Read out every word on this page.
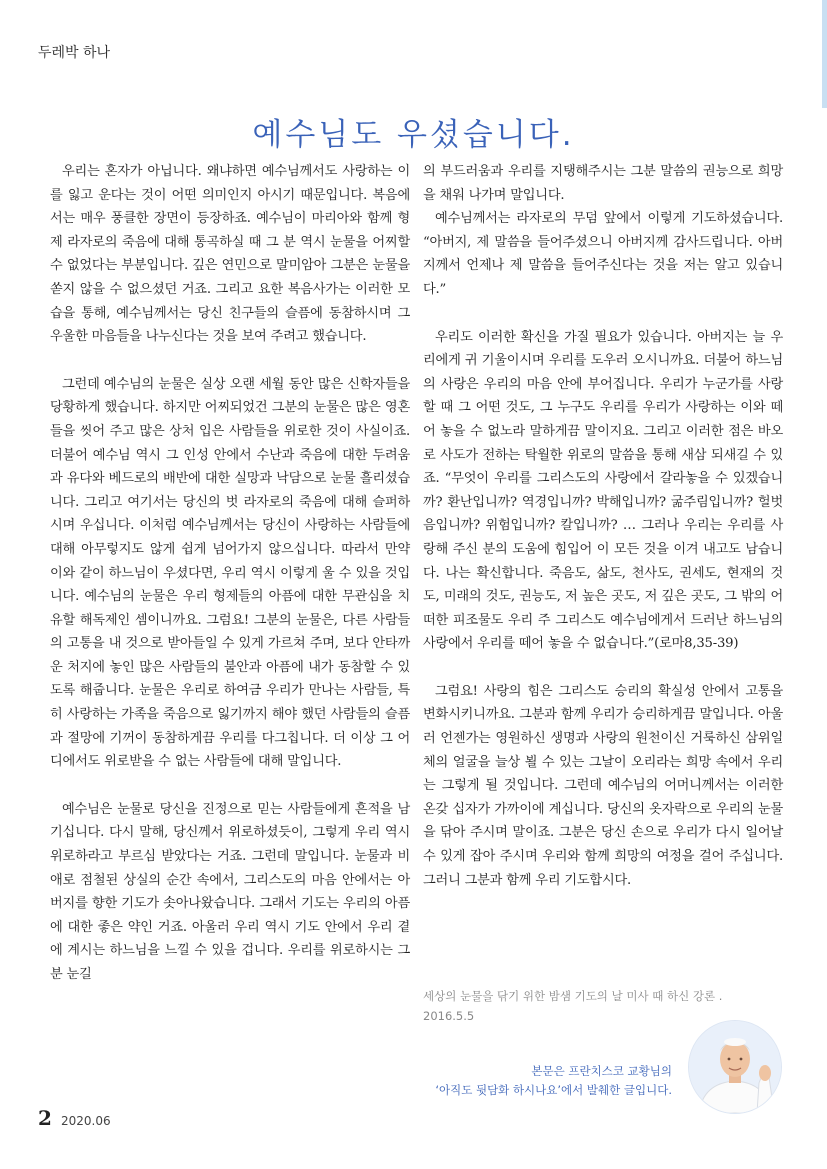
두레박 하나
예수님도 우셨습니다.

우리는 혼자가 아닙니다. 왜냐하면 예수님께서도 사랑하는 이를 잃고 운다는 것이 어떤 의미인지 아시기 때문입니다. 복음에서는 매우 풍클한 장면이 등장하죠. 예수님이 마리아와 함께 형제 라자로의 죽음에 대해 통곡하실 때 그 분 역시 눈물을 어찌할 수 없었다는 부분입니다. 깊은 연민으로 말미암아 그분은 눈물을 쏟지 않을 수 없으셨던 거죠. 그리고 요한 복음사가는 이러한 모습을 통해, 예수님께서는 당신 친구들의 슬픔에 동참하시며 그 우울한 마음들을 나누신다는 것을 보여 주려고 했습니다.

그런데 예수님의 눈물은 실상 오랜 세월 동안 많은 신학자들을 당황하게 했습니다. 하지만 어찌되었건 그분의 눈물은 많은 영혼들을 씻어 주고 많은 상처 입은 사람들을 위로한 것이 사실이죠. 더불어 예수님 역시 그 인성 안에서 수난과 죽음에 대한 두려움과 유다와 베드로의 배반에 대한 실망과 낙담으로 눈물 흘리셨습니다. 그리고 여기서는 당신의 벗 라자로의 죽음에 대해 슬퍼하시며 우십니다. 이처럼 예수님께서는 당신이 사랑하는 사람들에 대해 아무렇지도 않게 쉽게 넘어가지 않으십니다. 따라서 만약 이와 같이 하느님이 우셨다면, 우리 역시 이렇게 울 수 있을 것입니다. 예수님의 눈물은 우리 형제들의 아픔에 대한 무관심을 치유할 해독제인 셈이니까요. 그럼요! 그분의 눈물은, 다른 사람들의 고통을 내 것으로 받아들일 수 있게 가르쳐 주며, 보다 안타까운 처지에 놓인 많은 사람들의 불안과 아픔에 내가 동참할 수 있도록 해줍니다. 눈물은 우리로 하여금 우리가 만나는 사람들, 특히 사랑하는 가족을 죽음으로 잃기까지 해야 했던 사람들의 슬픔과 절망에 기꺼이 동참하게끔 우리를 다그칩니다. 더 이상 그 어디에서도 위로받을 수 없는 사람들에 대해 말입니다.

예수님은 눈물로 당신을 진정으로 믿는 사람들에게 흔적을 남기십니다. 다시 말해, 당신께서 위로하셨듯이, 그렇게 우리 역시 위로하라고 부르심 받았다는 거죠. 그런데 말입니다. 눈물과 비애로 점철된 상실의 순간 속에서, 그리스도의 마음 안에서는 아버지를 향한 기도가 솟아나왔습니다. 그래서 기도는 우리의 아픔에 대한 좋은 약인 거죠. 아울러 우리 역시 기도 안에서 우리 곁에 계시는 하느님을 느낄 수 있을 겁니다. 우리를 위로하시는 그분 눈길

의 부드러움과 우리를 지탱해주시는 그분 말씀의 권능으로 희망을 채워 나가며 말입니다.

예수님께서는 라자로의 무덤 앞에서 이렇게 기도하셨습니다. “아버지, 제 말씀을 들어주셨으니 아버지께 감사드립니다. 아버지께서 언제나 제 말씀을 들어주신다는 것을 저는 알고 있습니다.”

우리도 이러한 확신을 가질 필요가 있습니다. 아버지는 늘 우리에게 귀 기울이시며 우리를 도우러 오시니까요. 더불어 하느님의 사랑은 우리의 마음 안에 부어집니다. 우리가 누군가를 사랑할 때 그 어떤 것도, 그 누구도 우리를 우리가 사랑하는 이와 떼어 놓을 수 없노라 말하게끔 말이지요. 그리고 이러한 점은 바오로 사도가 전하는 탁월한 위로의 말씀을 통해 새삼 되새길 수 있죠. “무엇이 우리를 그리스도의 사랑에서 갈라놓을 수 있겠습니까? 환난입니까? 역경입니까? 박해입니까? 굶주림입니까? 헐벗음입니까? 위험입니까? 칼입니까? … 그러나 우리는 우리를 사랑해 주신 분의 도움에 힘입어 이 모든 것을 이겨 내고도 남습니다. 나는 확신합니다. 죽음도, 삶도, 천사도, 권세도, 현재의 것도, 미래의 것도, 권능도, 저 높은 곳도, 저 깊은 곳도, 그 밖의 어떠한 피조물도 우리 주 그리스도 예수님에게서 드러난 하느님의 사랑에서 우리를 떼어 놓을 수 없습니다.”(로마8,35-39)

그럼요! 사랑의 힘은 그리스도 승리의 확실성 안에서 고통을 변화시키니까요. 그분과 함께 우리가 승리하게끔 말입니다. 아울러 언젠가는 영원하신 생명과 사랑의 원천이신 거룩하신 삼위일체의 얼굴을 늘상 뵐 수 있는 그날이 오리라는 희망 속에서 우리는 그렇게 될 것입니다. 그런데 예수님의 어머니께서는 이러한 온갖 십자가 가까이에 계십니다. 당신의 옷자락으로 우리의 눈물을 닦아 주시며 말이죠. 그분은 당신 손으로 우리가 다시 일어날 수 있게 잡아 주시며 우리와 함께 희망의 여정을 걸어 주십니다. 그러니 그분과 함께 우리 기도합시다.

세상의 눈물을 닦기 위한 밤샘 기도의 날 미사 때 하신 강론 .
2016.5.5
본문은 프란치스코 교황님의
‘아직도 뒷담화 하시나요’에서 발췌한 글입니다.
2 2020.06
